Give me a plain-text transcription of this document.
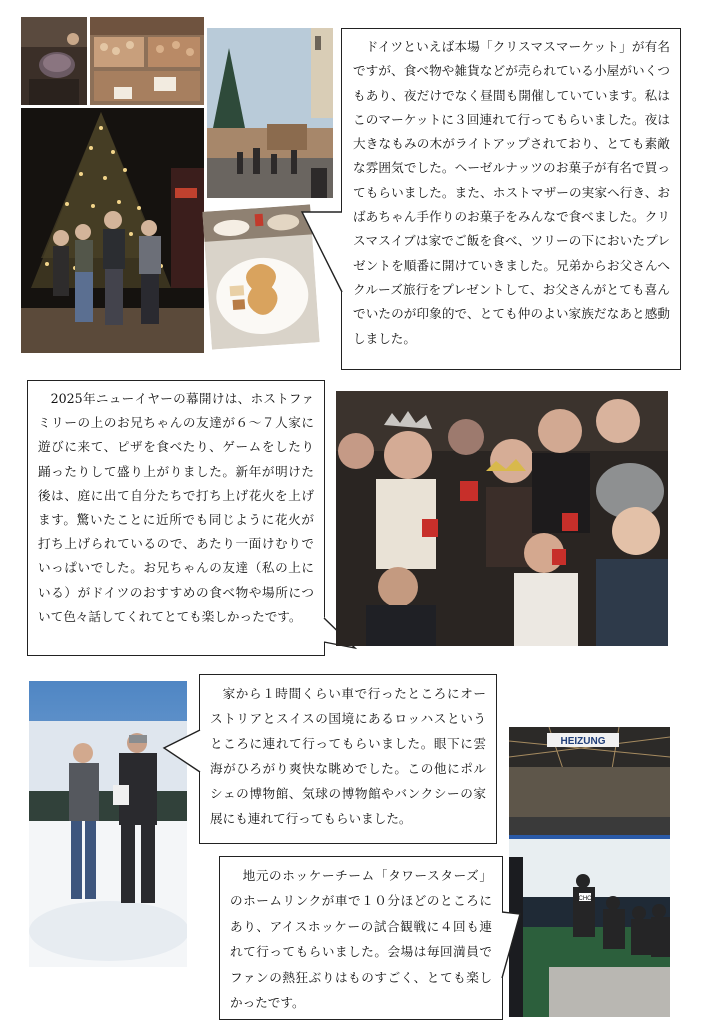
ドイツといえば本場「クリスマスマーケット」が有名ですが、食べ物や雑貨などが売られている小屋がいくつもあり、夜だけでなく昼間も開催していています。私はこのマーケットに３回連れて行ってもらいました。夜は大きなもみの木がライトアップされており、とても素敵な雰囲気でした。ヘーゼルナッツのお菓子が有名で買ってもらいました。また、ホストマザーの実家へ行き、おばあちゃん手作りのお菓子をみんなで食べました。クリスマスイブは家でご飯を食べ、ツリーの下においたプレゼントを順番に開けていきました。兄弟からお父さんへクルーズ旅行をプレゼントして、お父さんがとても喜んでいたのが印象的で、とても仲のよい家族だなあと感動しました。

2025年ニューイヤーの幕開けは、ホストファミリーの上のお兄ちゃんの友達が６〜７人家に遊びに来て、ピザを食べたり、ゲームをしたり踊ったりして盛り上がりました。新年が明けた後は、庭に出て自分たちで打ち上げ花火を上げます。驚いたことに近所でも同じように花火が打ち上げられているので、あたり一面けむりでいっぱいでした。お兄ちゃんの友達（私の上にいる）がドイツのおすすめの食べ物や場所について色々話してくれてとても楽しかったです。

家から１時間くらい車で行ったところにオーストリアとスイスの国境にあるロッハスというところに連れて行ってもらいました。眼下に雲海がひろがり爽快な眺めでした。この他にポルシェの博物館、気球の博物館やバンクシーの家展にも連れて行ってもらいました。

HEIZUNG
CHC

地元のホッケーチーム「タワースターズ」のホームリンクが車で１０分ほどのところにあり、アイスホッケーの試合観戦に４回も連れて行ってもらいました。会場は毎回満員でファンの熱狂ぶりはものすごく、とても楽しかったです。
